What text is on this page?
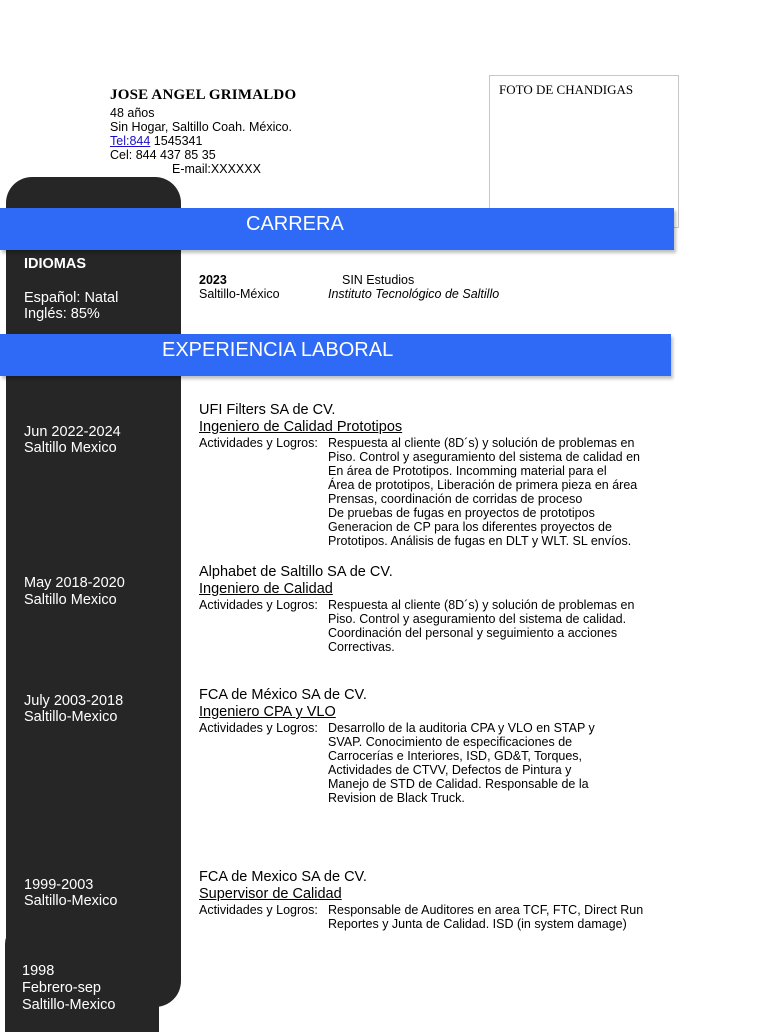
JOSE ANGEL GRIMALDO
48 años
Sin Hogar, Saltillo Coah. México.
Tel:844 1545341
Cel: 844 437 85 35
E-mail:XXXXXX
FOTO DE CHANDIGAS
CARRERA
IDIOMAS
Español: Natal
Inglés: 85%
2023	SIN Estudios
Saltillo-México	Instituto Tecnológico de Saltillo
EXPERIENCIA LABORAL
Jun 2022-2024
Saltillo Mexico
UFI Filters SA de CV.
Ingeniero de Calidad Prototipos
Actividades y Logros: Respuesta al cliente (8D´s) y solución de problemas en
Piso. Control y aseguramiento del sistema de calidad en
En área de Prototipos. Incomming material para el
Área de prototipos, Liberación de primera pieza en área
Prensas, coordinación de corridas de proceso
De pruebas de fugas en proyectos de prototipos
Generacion de CP para los diferentes proyectos de
Prototipos. Análisis de fugas en DLT y WLT. SL envíos.
May 2018-2020
Saltillo Mexico
Alphabet de Saltillo SA de CV.
Ingeniero de Calidad
Actividades y Logros: Respuesta al cliente (8D´s) y solución de problemas en
Piso. Control y aseguramiento del sistema de calidad.
Coordinación del personal y seguimiento a acciones
Correctivas.
July 2003-2018
Saltillo-Mexico
FCA de México SA de CV.
Ingeniero CPA y VLO
Actividades y Logros: Desarrollo de la auditoria CPA y VLO en STAP y
SVAP. Conocimiento de especificaciones de
Carrocerías e Interiores, ISD, GD&T, Torques,
Actividades de CTVV, Defectos de Pintura y
Manejo de STD de Calidad. Responsable de la
Revision de Black Truck.
1999-2003
Saltillo-Mexico
FCA de Mexico SA de CV.
Supervisor de Calidad
Actividades y Logros: Responsable de Auditores en area TCF, FTC, Direct Run
Reportes y Junta de Calidad. ISD (in system damage)
1998
Febrero-sep
Saltillo-Mexico
